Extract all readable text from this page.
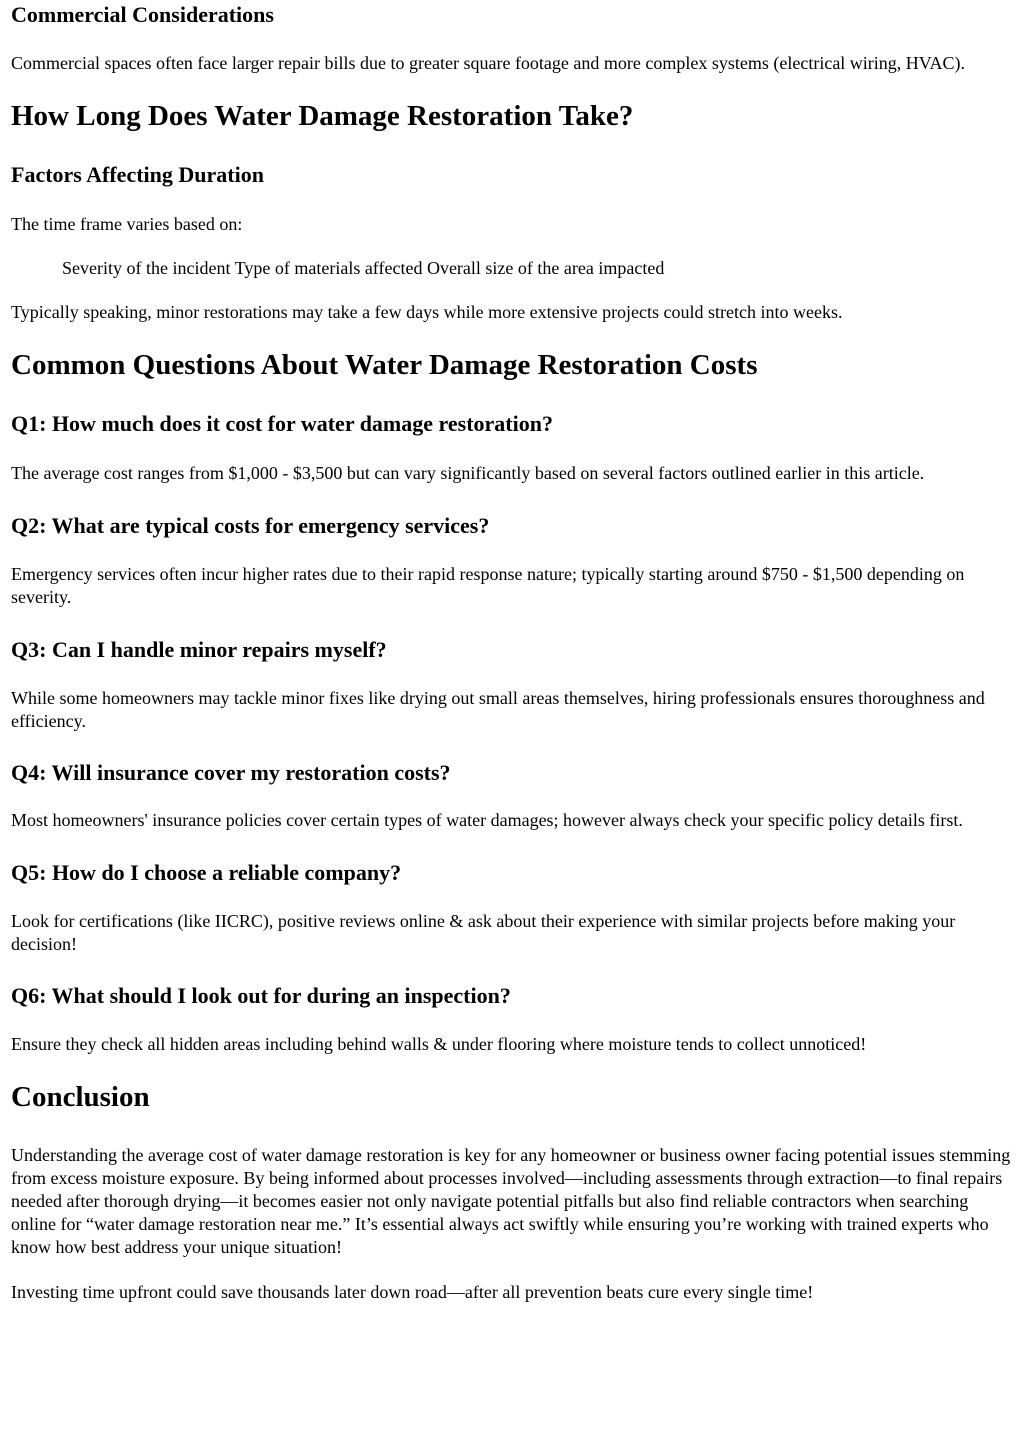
Commercial Considerations

Commercial spaces often face larger repair bills due to greater square footage and more complex systems (electrical wiring, HVAC).

How Long Does Water Damage Restoration Take?
Factors Affecting Duration

The time frame varies based on:

Severity of the incident Type of materials affected Overall size of the area impacted

Typically speaking, minor restorations may take a few days while more extensive projects could stretch into weeks.

Common Questions About Water Damage Restoration Costs
Q1: How much does it cost for water damage restoration?

The average cost ranges from $1,000 - $3,500 but can vary significantly based on several factors outlined earlier in this article.

Q2: What are typical costs for emergency services?

Emergency services often incur higher rates due to their rapid response nature; typically starting around $750 - $1,500 depending on severity.

Q3: Can I handle minor repairs myself?

While some homeowners may tackle minor fixes like drying out small areas themselves, hiring professionals ensures thoroughness and efficiency.

Q4: Will insurance cover my restoration costs?

Most homeowners' insurance policies cover certain types of water damages; however always check your specific policy details first.

Q5: How do I choose a reliable company?

Look for certifications (like IICRC), positive reviews online & ask about their experience with similar projects before making your decision!

Q6: What should I look out for during an inspection?

Ensure they check all hidden areas including behind walls & under flooring where moisture tends to collect unnoticed!

Conclusion

Understanding the average cost of water damage restoration is key for any homeowner or business owner facing potential issues stemming from excess moisture exposure. By being informed about processes involved—including assessments through extraction—to final repairs needed after thorough drying—it becomes easier not only navigate potential pitfalls but also find reliable contractors when searching online for “water damage restoration near me.” It’s essential always act swiftly while ensuring you’re working with trained experts who know how best address your unique situation!

Investing time upfront could save thousands later down road—after all prevention beats cure every single time!
